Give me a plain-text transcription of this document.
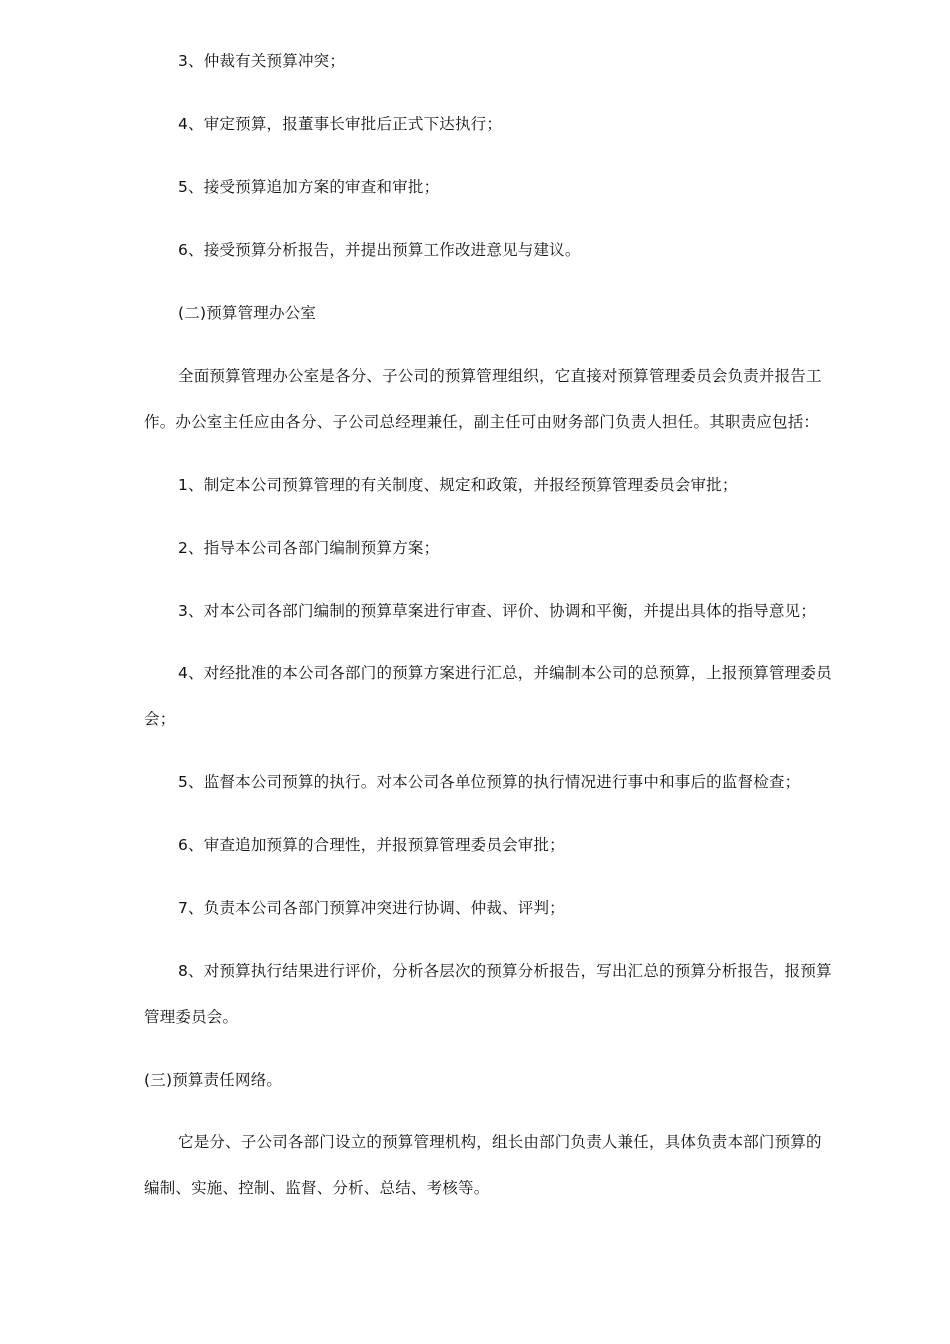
3、仲裁有关预算冲突；
4、审定预算，报董事长审批后正式下达执行；
5、接受预算追加方案的审查和审批；
6、接受预算分析报告，并提出预算工作改进意见与建议。
(二)预算管理办公室
全面预算管理办公室是各分、子公司的预算管理组织，它直接对预算管理委员会负责并报告工
作。办公室主任应由各分、子公司总经理兼任，副主任可由财务部门负责人担任。其职责应包括：
1、制定本公司预算管理的有关制度、规定和政策，并报经预算管理委员会审批；
2、指导本公司各部门编制预算方案；
3、对本公司各部门编制的预算草案进行审查、评价、协调和平衡，并提出具体的指导意见；
4、对经批准的本公司各部门的预算方案进行汇总，并编制本公司的总预算，上报预算管理委员
会；
5、监督本公司预算的执行。对本公司各单位预算的执行情况进行事中和事后的监督检查；
6、审查追加预算的合理性，并报预算管理委员会审批；
7、负责本公司各部门预算冲突进行协调、仲裁、评判；
8、对预算执行结果进行评价，分析各层次的预算分析报告，写出汇总的预算分析报告，报预算
管理委员会。
(三)预算责任网络。
它是分、子公司各部门设立的预算管理机构，组长由部门负责人兼任，具体负责本部门预算的
编制、实施、控制、监督、分析、总结、考核等。
